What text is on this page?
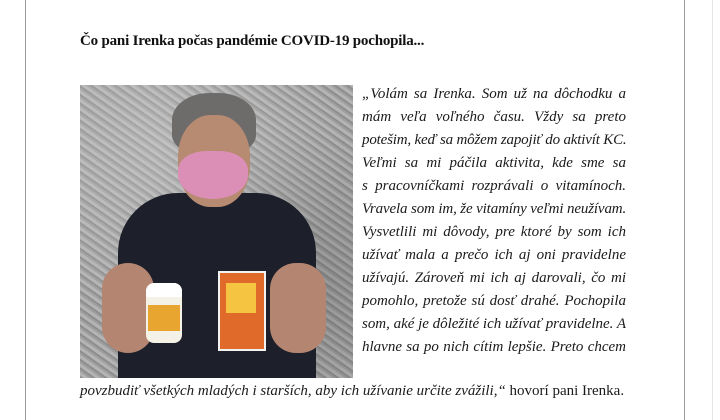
Čo pani Irenka počas pandémie COVID-19 pochopila...
„Volám sa Irenka. Som už na dôchodku a
mám veľa voľného času. Vždy sa preto
potešim, keď sa môžem zapojiť do aktivít KC.
Veľmi sa mi páčila aktivita, kde sme sa
s pracovníčkami rozprávali o vitamínoch.
Vravela som im, že vitamíny veľmi neužívam.
Vysvetlili mi dôvody, pre ktoré by som ich
užívať mala a prečo ich aj oni pravidelne
užívajú. Zároveň mi ich aj darovali, čo mi
pomohlo, pretože sú dosť drahé. Pochopila
som, aké je dôležité ich užívať pravidelne. A
hlavne sa po nich cítim lepšie. Preto chcem
povzbudiť všetkých mladých i starších, aby ich užívanie určite zvážili,“ hovorí pani Irenka.
